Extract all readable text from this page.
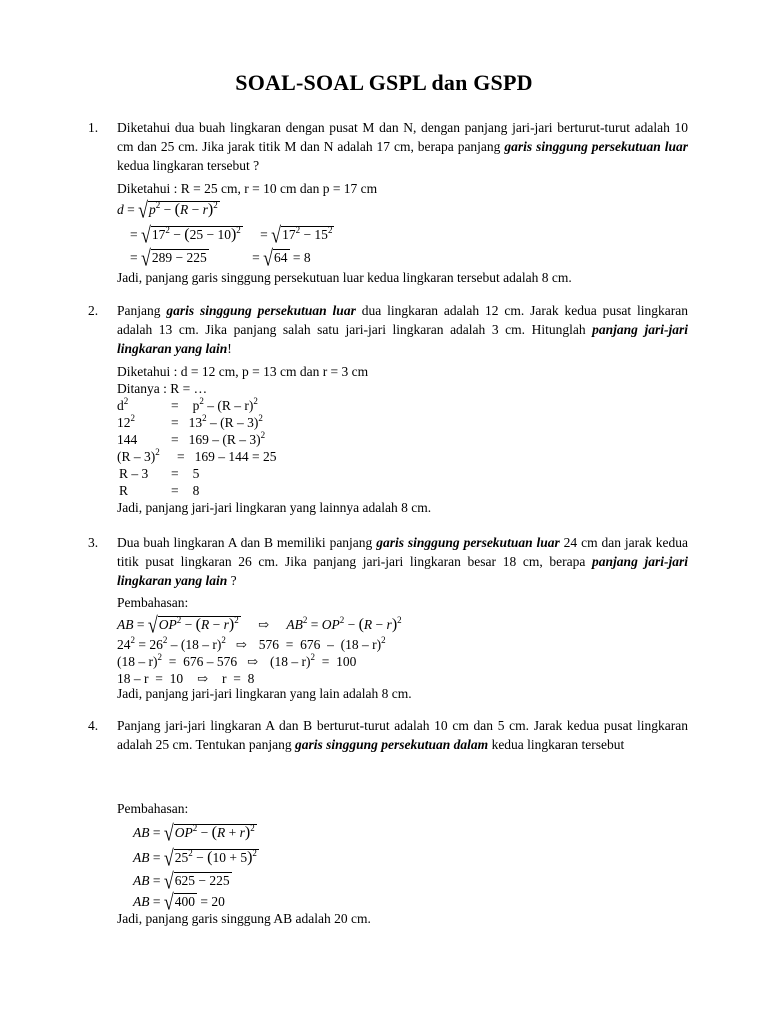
SOAL-SOAL GSPL dan GSPD
1. Diketahui dua buah lingkaran dengan pusat M dan N, dengan panjang jari-jari berturut-turut adalah 10 cm dan 25 cm. Jika jarak titik M dan N adalah 17 cm, berapa panjang garis singgung persekutuan luar kedua lingkaran tersebut ?
Diketahui : R = 25 cm, r = 10 cm dan p = 17 cm
$d = √p^2 - (R - r)^2$
= $√17^2 - (25 - 10)^2 = √17^2 - 15^2$
= √289 − 225	= √64 = 8
Jadi, panjang garis singgung persekutuan luar kedua lingkaran tersebut adalah 8 cm.
2. Panjang garis singgung persekutuan luar dua lingkaran adalah 12 cm. Jarak kedua pusat lingkaran adalah 13 cm. Jika panjang salah satu jari-jari lingkaran adalah 3 cm. Hitunglah panjang jari-jari lingkaran yang lain!
Diketahui : d = 12 cm, p = 13 cm dan r = 3 cm
Ditanya : R = …
$d^2$	= $p^2 - (R - r)^2$
$12^2$	= $13^2 - (R - 3)^2$
144	= 169 – (R – 3)$^2$
(R – 3)$^2$ = 169 – 144 = 25
R – 3 = 5
R	= 8
Jadi, panjang jari-jari lingkaran yang lainnya adalah 8 cm.
3. Dua buah lingkaran A dan B memiliki panjang garis singgung persekutuan luar 24 cm dan jarak kedua titik pusat lingkaran 26 cm. Jika panjang jari-jari lingkaran besar 18 cm, berapa panjang jari-jari lingkaran yang lain ?
Pembahasan:
AB = $√OP^2 - (R - r)^2$ ⇨ $AB^2 = OP^2 - (R - r)^2$
$24^2 = 26^2 - (18 - r)^2$ ⇨ 576  =  676  –  (18 – r)$^2$
(18 – r)$^2$  =  676 – 576 ⇨ (18 – r)$^2$  =  100
18 – r  =  10 ⇨ r  =  8
Jadi, panjang jari-jari lingkaran yang lain adalah 8 cm.
4. Panjang jari-jari lingkaran A dan B berturut-turut adalah 10 cm dan 5 cm. Jarak kedua pusat lingkaran adalah 25 cm. Tentukan panjang garis singgung persekutuan dalam kedua lingkaran tersebut
Pembahasan:
AB = $√OP^2 - (R + r)^2$
AB = $√25^2 - (10 + 5)^2$
AB = √625 − 225
AB = √400 = 20
Jadi, panjang garis singgung AB adalah 20 cm.
